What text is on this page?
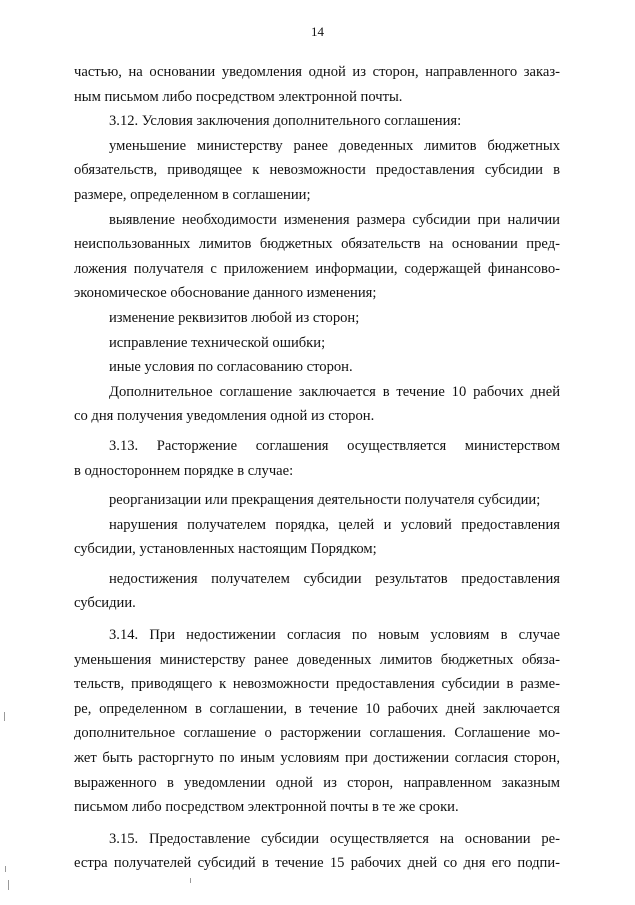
14
частью, на основании уведомления одной из сторон, направленного заказ-
ным письмом либо посредством электронной почты.
3.12. Условия заключения дополнительного соглашения:
уменьшение министерству ранее доведенных лимитов бюджетных
обязательств, приводящее к невозможности предоставления субсидии в
размере, определенном в соглашении;
выявление необходимости изменения размера субсидии при наличии
неиспользованных лимитов бюджетных обязательств на основании пред-
ложения получателя с приложением информации, содержащей финансово-
экономическое обоснование данного изменения;
изменение реквизитов любой из сторон;
исправление технической ошибки;
иные условия по согласованию сторон.
Дополнительное соглашение заключается в течение 10 рабочих дней
со дня получения уведомления одной из сторон.
3.13. Расторжение соглашения осуществляется министерством
в одностороннем порядке в случае:
реорганизации или прекращения деятельности получателя субсидии;
нарушения получателем порядка, целей и условий предоставления
субсидии, установленных настоящим Порядком;
недостижения получателем субсидии результатов предоставления
субсидии.
3.14. При недостижении согласия по новым условиям в случае
уменьшения министерству ранее доведенных лимитов бюджетных обяза-
тельств, приводящего к невозможности предоставления субсидии в разме-
ре, определенном в соглашении, в течение 10 рабочих дней заключается
дополнительное соглашение о расторжении соглашения. Соглашение мо-
жет быть расторгнуто по иным условиям при достижении согласия сторон,
выраженного в уведомлении одной из сторон, направленном заказным
письмом либо посредством электронной почты в те же сроки.
3.15. Предоставление субсидии осуществляется на основании ре-
естра получателей субсидий в течение 15 рабочих дней со дня его подпи-
